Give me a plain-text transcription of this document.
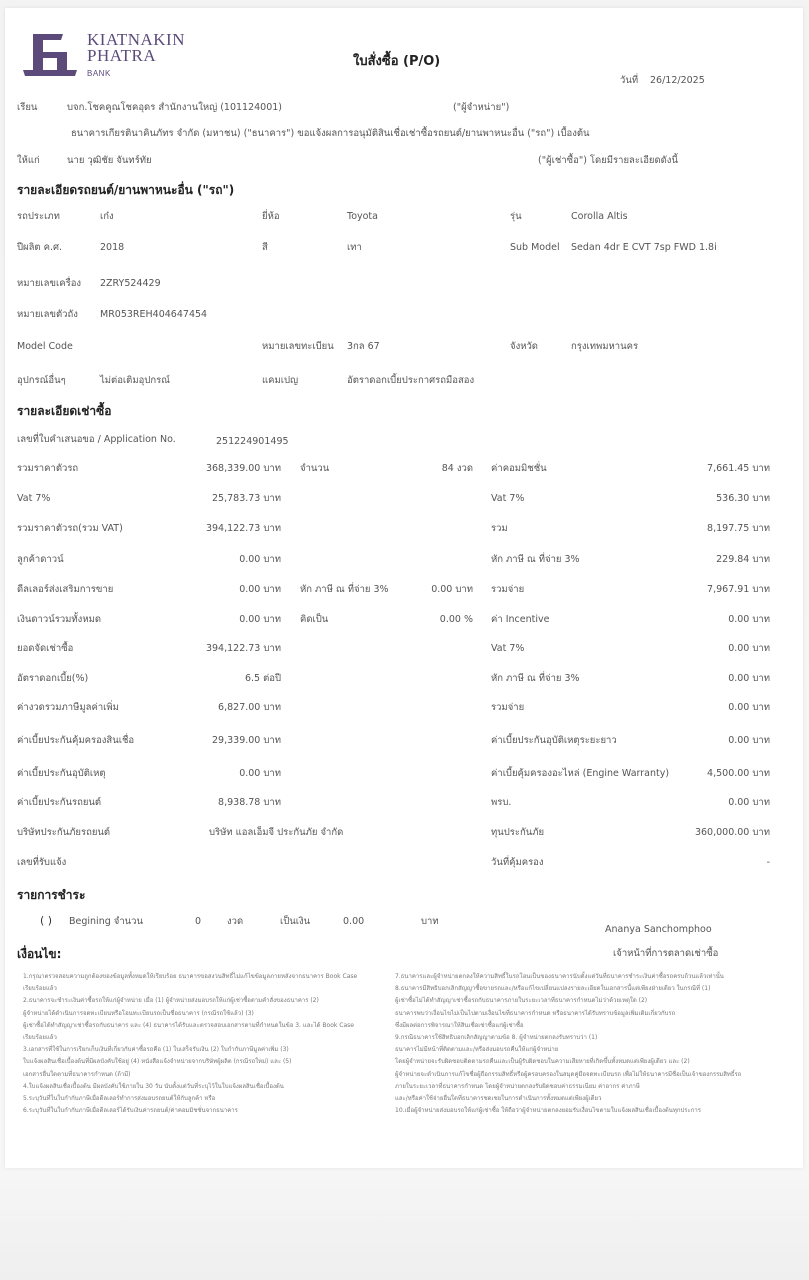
KIATNAKIN
PHATRA
BANK
ใบสั่งซื้อ (P/O)
วันที่ 26/12/2025
เรียน	บจก.โชคคูณโชคอุดร สำนักงานใหญ่ (101124001)	("ผู้จำหน่าย")
ธนาคารเกียรตินาคินภัทร จำกัด (มหาชน) ("ธนาคาร") ขอแจ้งผลการอนุมัติสินเชื่อเช่าซื้อรถยนต์/ยานพาหนะอื่น ("รถ") เบื้องต้น
ให้แก่	นาย วุฒิชัย จันทร์ทัย	("ผู้เช่าซื้อ") โดยมีรายละเอียดดังนี้
รายละเอียดรถยนต์/ยานพาหนะอื่น ("รถ")
รถประเภท	เก๋ง	ยี่ห้อ	Toyota	รุ่น	Corolla Altis
ปีผลิต ค.ศ.	2018	สี	เทา	Sub Model Sedan 4dr E CVT 7sp FWD 1.8i
หมายเลขเครื่อง 2ZRY524429
หมายเลขตัวถัง MR053REH404647454
Model Code	หมายเลขทะเบียน 3กล 67	จังหวัด	กรุงเทพมหานคร
อุปกรณ์อื่นๆ	ไม่ต่อเติมอุปกรณ์	แคมเปญ	อัตราดอกเบี้ยประกาศรถมือสอง
รายละเอียดเช่าซื้อ
เลขที่ใบคำเสนอขอ / Application No.	251224901495
รวมราคาตัวรถ	368,339.00 บาท จำนวน	84 งวด ค่าคอมมิชชั่น	7,661.45 บาท
Vat 7%	25,783.73 บาท	Vat 7%	536.30 บาท
รวมราคาตัวรถ(รวม VAT)	394,122.73 บาท	รวม	8,197.75 บาท
ลูกค้าดาวน์	0.00 บาท	หัก ภาษี ณ ที่จ่าย 3%	229.84 บาท
ดีลเลอร์ส่งเสริมการขาย	0.00 บาท หัก ภาษี ณ ที่จ่าย 3%	0.00 บาท รวมจ่าย	7,967.91 บาท
เงินดาวน์รวมทั้งหมด	0.00 บาท คิดเป็น	0.00 % ค่า Incentive	0.00 บาท
ยอดจัดเช่าซื้อ	394,122.73 บาท	Vat 7%	0.00 บาท
อัตราดอกเบี้ย(%)	6.5 ต่อปี	หัก ภาษี ณ ที่จ่าย 3%	0.00 บาท
ค่างวดรวมภาษีมูลค่าเพิ่ม	6,827.00 บาท	รวมจ่าย	0.00 บาท
ค่าเบี้ยประกันคุ้มครองสินเชื่อ	29,339.00 บาท	ค่าเบี้ยประกันอุบัติเหตุระยะยาว	0.00 บาท
ค่าเบี้ยประกันอุบัติเหตุ	0.00 บาท	ค่าเบี้ยคุ้มครองอะไหล่ (Engine Warranty)	4,500.00 บาท
ค่าเบี้ยประกันรถยนต์	8,938.78 บาท	พรบ.	0.00 บาท
บริษัทประกันภัยรถยนต์	บริษัท แอลเอ็มจี ประกันภัย จำกัด	ทุนประกันภัย	360,000.00 บาท
เลขที่รับแจ้ง	วันที่คุ้มครอง	-
รายการชำระ
( ) Begining จำนวน	0	งวด	เป็นเงิน	0.00	บาท
Ananya Sanchomphoo
เจ้าหน้าที่การตลาดเช่าซื้อ
เงื่อนไข:
1.กรุณาตรวจสอบความถูกต้องของข้อมูลทั้งหมดให้เรียบร้อย ธนาคารขอสงวนสิทธิ์ไม่แก้ไขข้อมูลภายหลังจากธนาคาร Book Case
เรียบร้อยแล้ว
2.ธนาคารจะชำระเงินค่าซื้อรถให้แก่ผู้จำหน่าย เมื่อ (1) ผู้จำหน่ายส่งมอบรถให้แก่ผู้เช่าซื้อตามคำสั่งของธนาคาร (2)
ผู้จำหน่ายได้ดำเนินการจดทะเบียนหรือโอนทะเบียนรถเป็นชื่อธนาคาร (กรณีรถใช้แล้ว) (3)
ผู้เช่าซื้อได้ทำสัญญาเช่าซื้อรถกับธนาคาร และ (4) ธนาคารได้รับและตรวจสอบเอกสารตามที่กำหนดในข้อ 3. และได้ Book Case
เรียบร้อยแล้ว
3.เอกสารที่ใช้ในการเรียกเก็บเงินที่เกี่ยวกับค่าซื้อรถคือ (1) ใบเสร็จรับเงิน (2) ใบกำกับภาษีมูลค่าเพิ่ม (3)
ใบแจ้งผลสินเชื่อเบื้องต้นที่มีผลบังคับใช้อยู่ (4) หนังสือแจ้งจำหน่ายจากบริษัทผู้ผลิต (กรณีรถใหม่) และ (5)
เอกสารอื่นใดตามที่ธนาคารกำหนด (ถ้ามี)
4.ใบแจ้งผลสินเชื่อเบื้องต้น มีผลบังคับใช้ภายใน 30 วัน นับตั้งแต่วันที่ระบุไว้ในใบแจ้งผลสินเชื่อเบื้องต้น
5.ระบุวันที่ในใบกำกับภาษีเมื่อดีลเลอร์ทำการส่งมอบรถยนต์ให้กับลูกค้า หรือ
6.ระบุวันที่ในใบกำกับภาษีเมื่อดีลเลอร์ได้รับเงินค่ารถยนต์/ค่าคอมมิชชั่นจากธนาคาร
7.ธนาคารและผู้จำหน่ายตกลงให้ความสิทธิ์ในรถโอนเป็นของธนาคารนับตั้งแต่วันที่ธนาคารชำระเงินค่าซื้อรถครบถ้วนแล้วเท่านั้น
8.ธนาคารมีสิทธิบอกเลิกสัญญาซื้อขายรถและ/หรือแก้ไขเปลี่ยนแปลงรายละเอียดในเอกสารนี้แต่เพียงฝ่ายเดียว ในกรณีที่ (1)
ผู้เช่าซื้อไม่ได้ทำสัญญาเช่าซื้อรถกับธนาคารภายในระยะเวลาที่ธนาคารกำหนดไม่ว่าด้วยเหตุใด (2)
ธนาคารพบว่าเงื่อนไขไม่เป็นไปตามเงื่อนไขที่ธนาคารกำหนด หรือธนาคารได้รับทราบข้อมูลเพิ่มเติมเกี่ยวกับรถ
ซึ่งมีผลต่อการพิจารณาให้สินเชื่อเช่าซื้อแก่ผู้เช่าซื้อ
9.กรณีธนาคารใช้สิทธิบอกเลิกสัญญาตามข้อ 8. ผู้จำหน่ายตกลงรับทราบว่า (1)
ธนาคารไม่มีหน้าที่ติดตามและ/หรือส่งมอบรถคืนให้แก่ผู้จำหน่าย
โดยผู้จำหน่ายจะรับผิดชอบติดตามรถคืนและเป็นผู้รับผิดชอบในความเสียหายที่เกิดขึ้นทั้งหมดแต่เพียงผู้เดียว และ (2)
ผู้จำหน่ายจะดำเนินการแก้ไขชื่อผู้ถือกรรมสิทธิ์หรือผู้ครอบครองในสมุดคู่มือจดทะเบียนรถ เพื่อไม่ให้ธนาคารมีชื่อเป็นเจ้าของกรรมสิทธิ์รถ
ภายในระยะเวลาที่ธนาคารกำหนด โดยผู้จำหน่ายตกลงรับผิดชอบค่าธรรมเนียม ค่าอากร ค่าภาษี
และ/หรือค่าใช้จ่ายอื่นใดที่ธนาคารชดเชยในการดำเนินการทั้งหมดแต่เพียงผู้เดียว
10.เมื่อผู้จำหน่ายส่งมอบรถให้แก่ผู้เช่าซื้อ ให้ถือว่าผู้จำหน่ายตกลงยอมรับเงื่อนไขตามใบแจ้งผลสินเชื่อเบื้องต้นทุกประการ
